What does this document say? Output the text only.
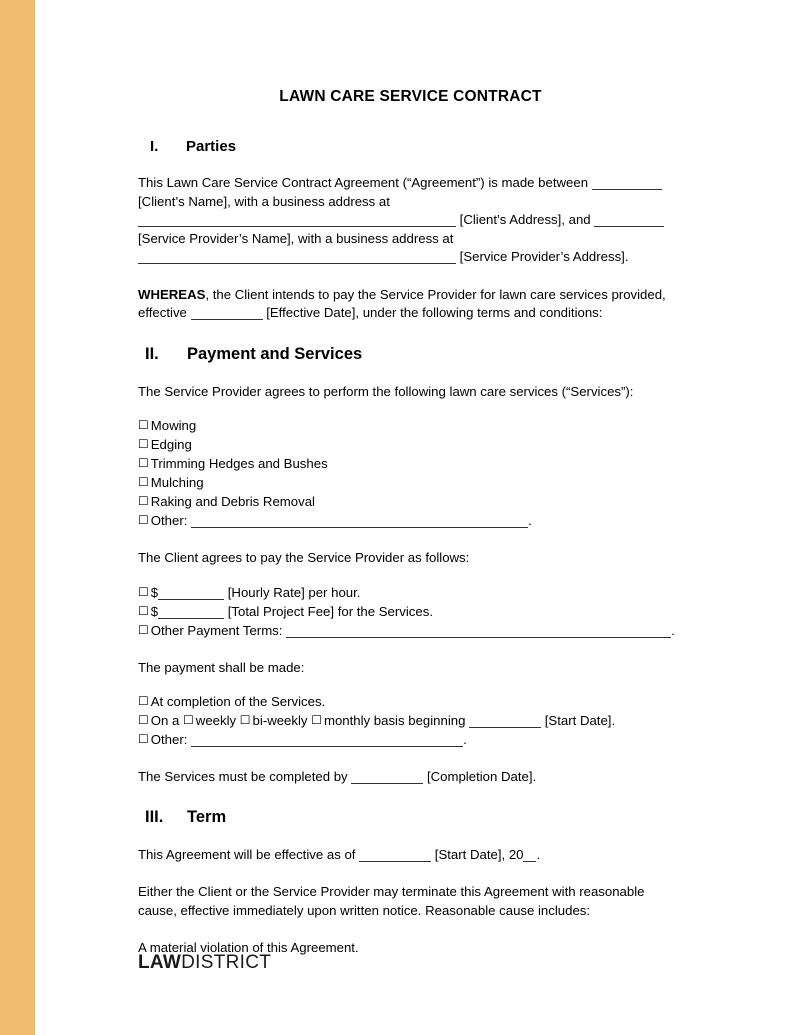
LAWN CARE SERVICE CONTRACT
I. Parties

This Lawn Care Service Contract Agreement (“Agreement”) is made between  [Client’s Name], with a business address at
[Client’s Address], and  [Service Provider’s Name], with a business address at
[Service Provider’s Address].

WHEREAS, the Client intends to pay the Service Provider for lawn care services provided, effective	[Effective Date], under the following terms and conditions:

II. Payment and Services

The Service Provider agrees to perform the following lawn care services (“Services”):

☐ Mowing
☐ Edging
☐ Trimming Hedges and Bushes
☐ Mulching
☐ Raking and Debris Removal
☐ Other:	.

The Client agrees to pay the Service Provider as follows:

☐ $	[Hourly Rate] per hour.
☐ $	[Total Project Fee] for the Services.
☐ Other Payment Terms:	.

The payment shall be made:

☐ At completion of the Services.
☐ On a ☐ weekly ☐ bi-weekly ☐ monthly basis beginning	[Start Date].
☐ Other:	.

The Services must be completed by	[Completion Date].

III. Term

This Agreement will be effective as of	[Start Date], 20 .

Either the Client or the Service Provider may terminate this Agreement with reasonable cause, effective immediately upon written notice. Reasonable cause includes:

A material violation of this Agreement.

LAWDISTRICT
